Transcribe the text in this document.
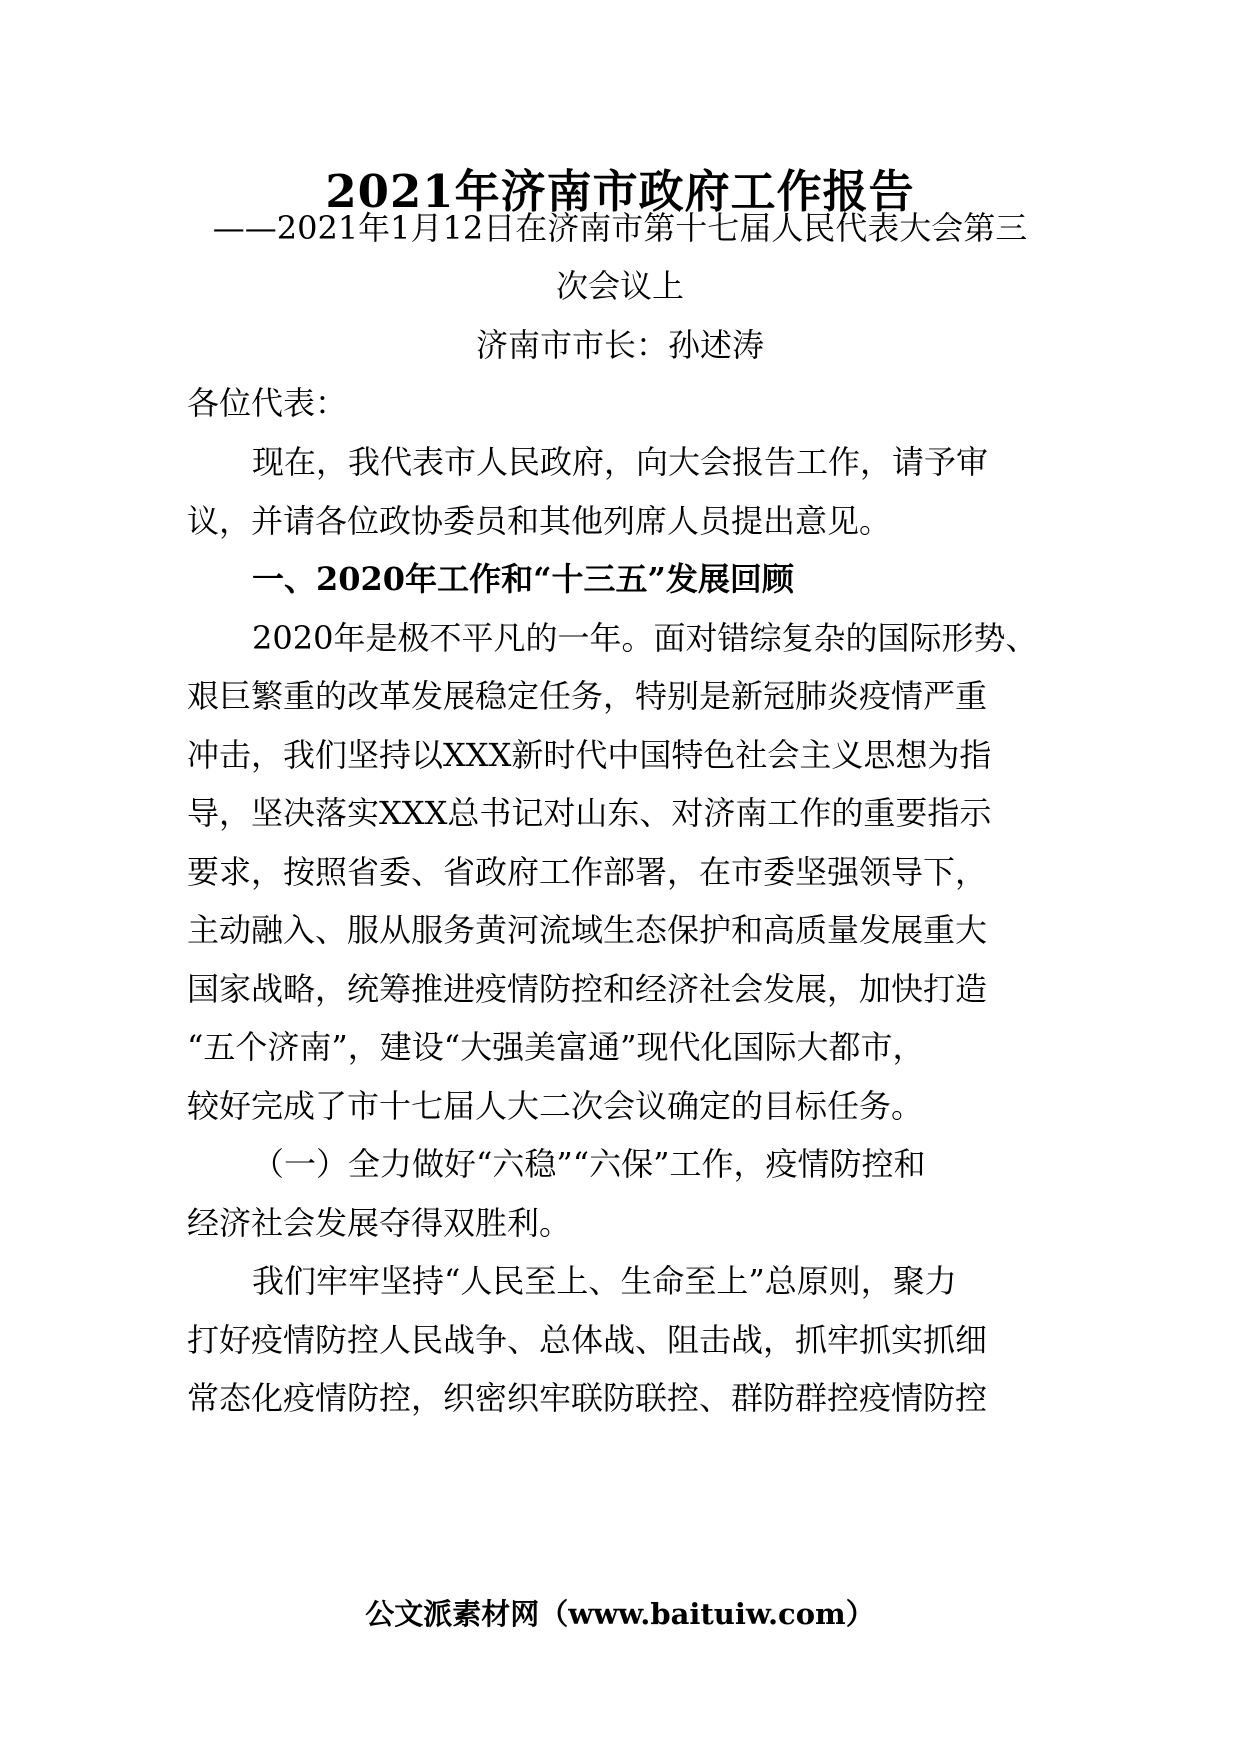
2021年济南市政府工作报告
——2021年1月12日在济南市第十七届人民代表大会第三
次会议上
济南市市长：孙述涛
各位代表：
现在，我代表市人民政府，向大会报告工作，请予审
议，并请各位政协委员和其他列席人员提出意见。
一、2020年工作和“十三五”发展回顾
2020年是极不平凡的一年。面对错综复杂的国际形势、
艰巨繁重的改革发展稳定任务，特别是新冠肺炎疫情严重
冲击，我们坚持以XXX新时代中国特色社会主义思想为指
导，坚决落实XXX总书记对山东、对济南工作的重要指示
要求，按照省委、省政府工作部署，在市委坚强领导下，
主动融入、服从服务黄河流域生态保护和高质量发展重大
国家战略，统筹推进疫情防控和经济社会发展，加快打造
“五个济南”，建设“大强美富通”现代化国际大都市，
较好完成了市十七届人大二次会议确定的目标任务。
（一）全力做好“六稳”“六保”工作，疫情防控和
经济社会发展夺得双胜利。
我们牢牢坚持“人民至上、生命至上”总原则，聚力
打好疫情防控人民战争、总体战、阻击战，抓牢抓实抓细
常态化疫情防控，织密织牢联防联控、群防群控疫情防控
公文派素材网（www.baituiw.com）
